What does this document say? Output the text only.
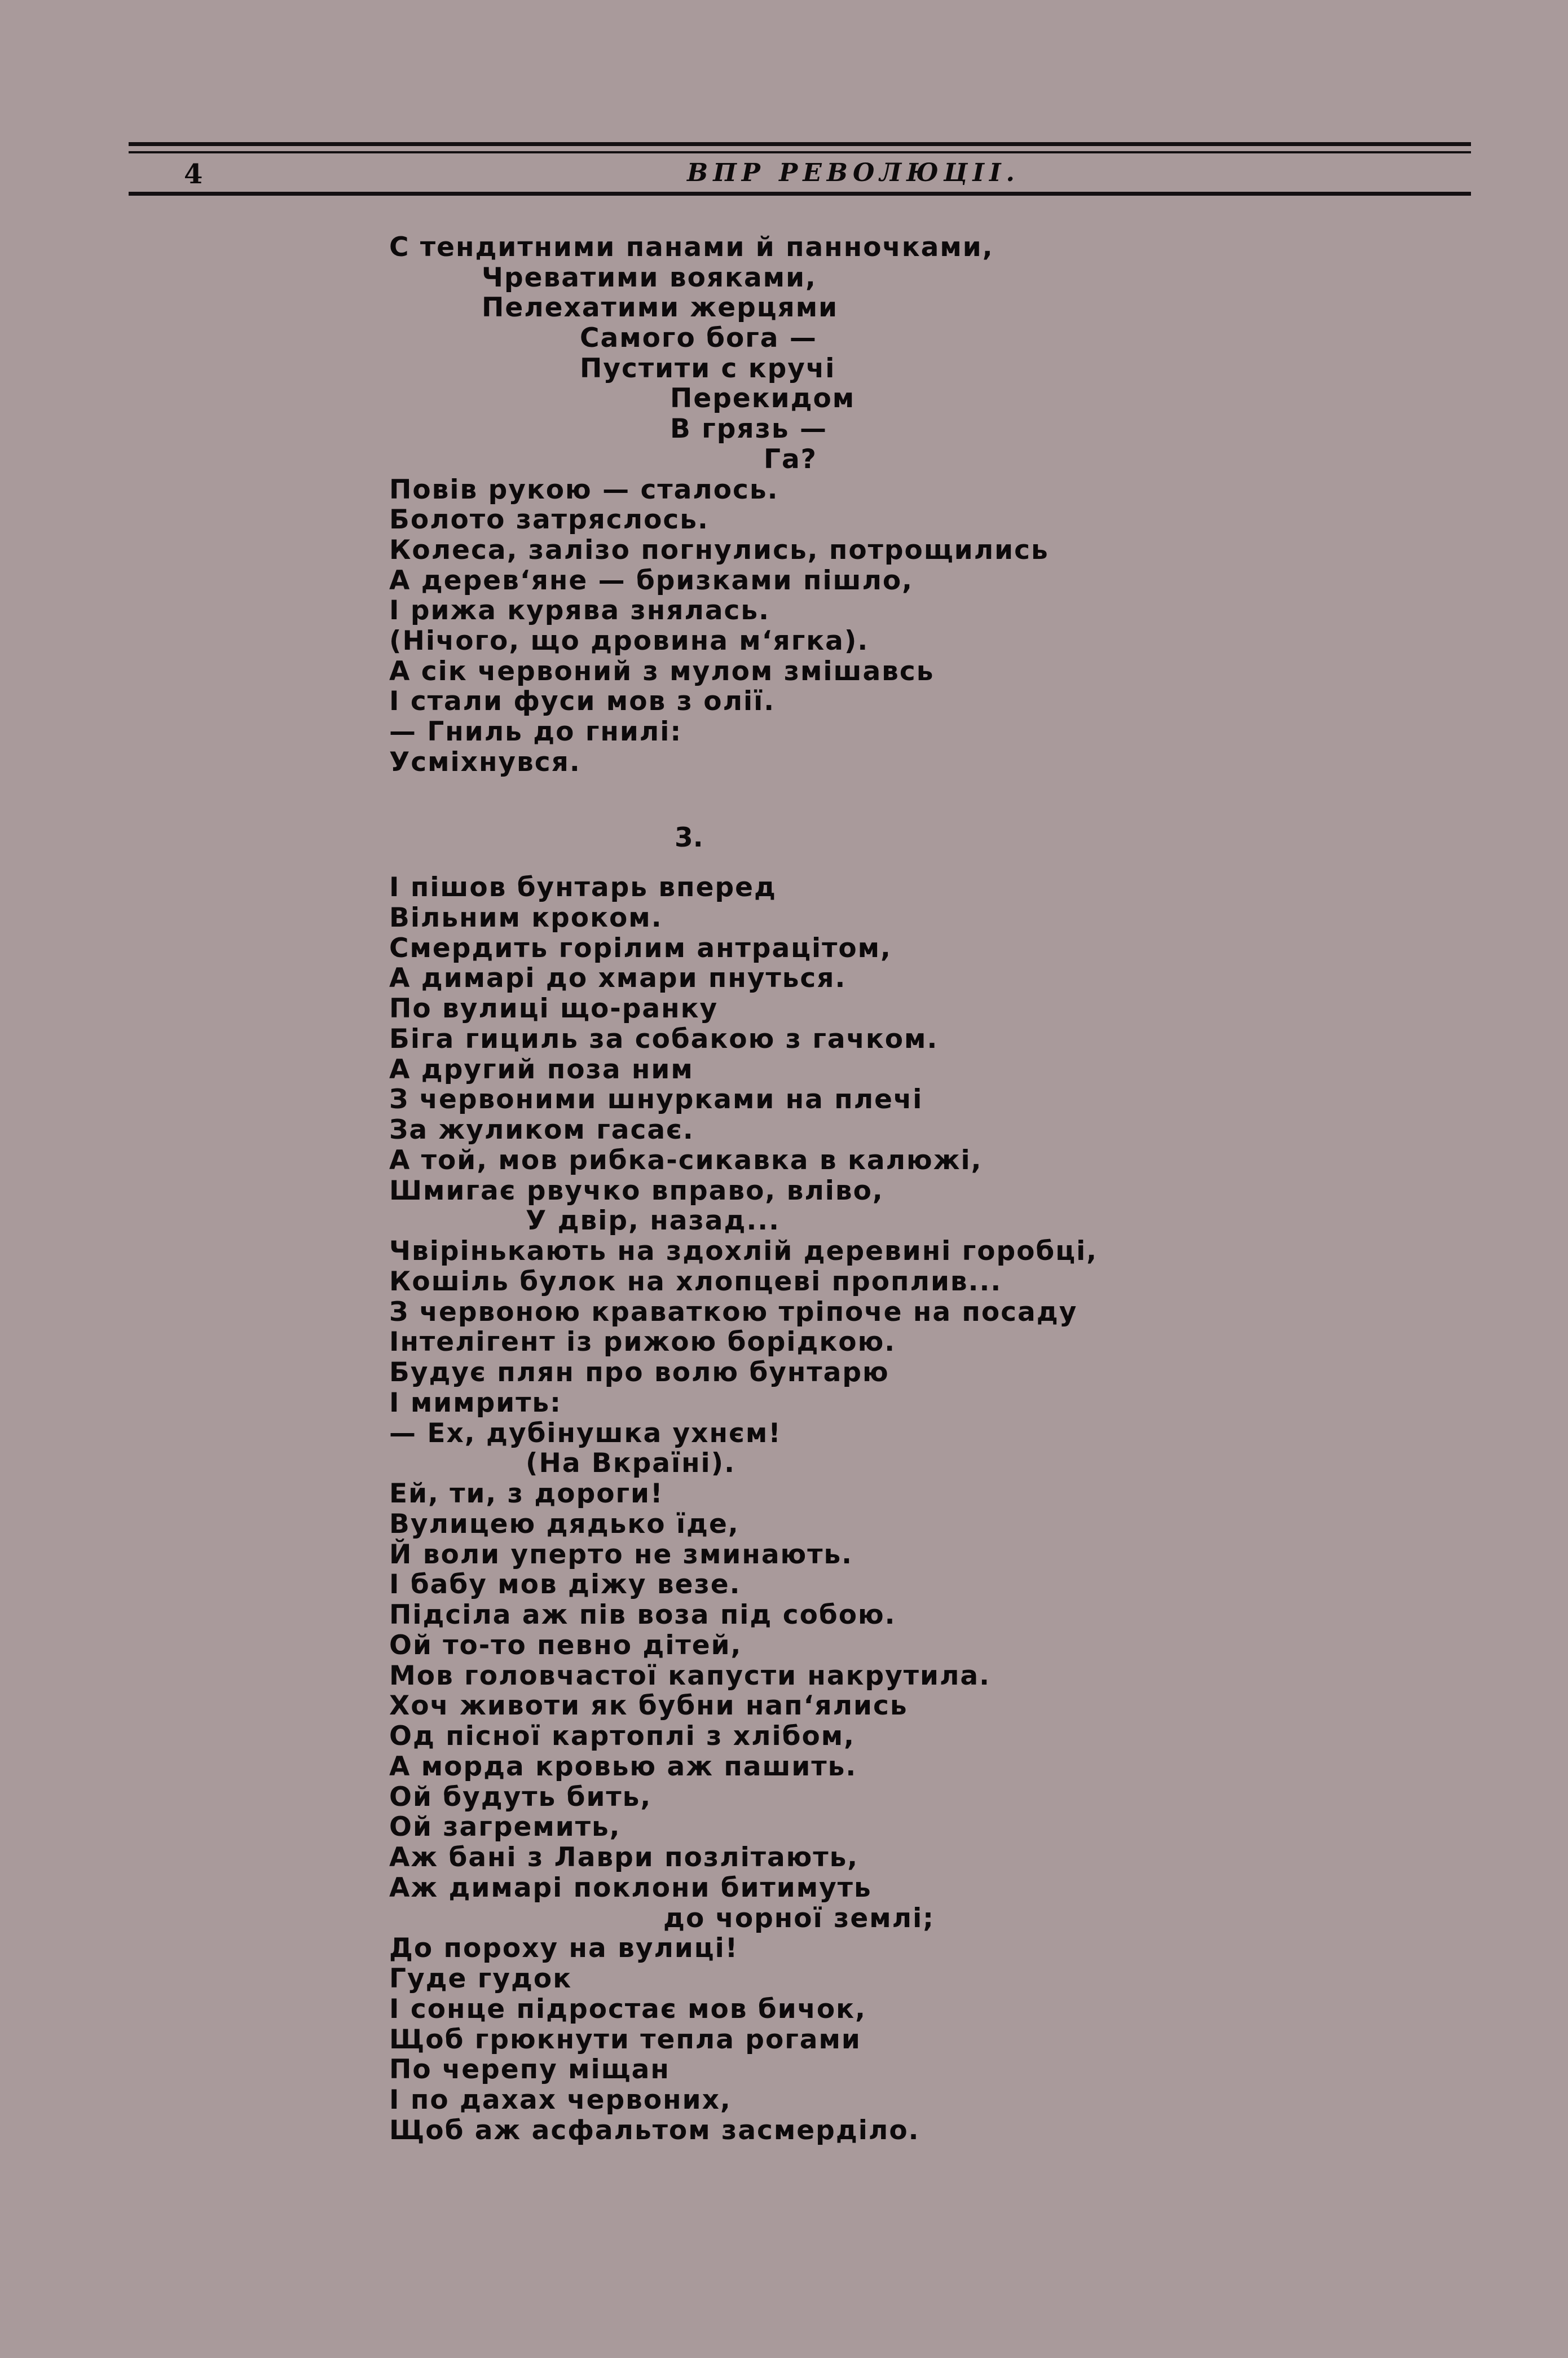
4	ВПР РЕВОЛЮЦІІ.
С тендитними панами й панночками,
Чреватими вояками,
Пелехатими жерцями
Самого бога —
Пустити с кручі
Перекидом
В грязь —
Га?
Повів рукою — сталось.
Болото затряслось.
Колеса, залізо погнулись, потрощились
А дерев‘яне — бризками пішло,
І рижа курява знялась.
(Нічого, що дровина м‘ягка).
А сік червоний з мулом змішавсь
І стали фуси мов з олії.
— Гниль до гнилі:
Усміхнувся.
3.
І пішов бунтарь вперед
Вільним кроком.
Смердить горілим антрацітом,
А димарі до хмари пнуться.
По вулиці що-ранку
Біга гициль за собакою з гачком.
А другий поза ним
З червоними шнурками на плечі
За жуликом гасає.
А той, мов рибка-сикавка в калюжі,
Шмигає рвучко вправо, вліво,
У двір, назад...
Чвірінькають на здохлій деревині горобці,
Кошіль булок на хлопцеві проплив...
З червоною краваткою тріпоче на посаду
Інтелігент із рижою борідкою.
Будує плян про волю бунтарю
І мимрить:
— Ех, дубінушка ухнєм!
(На Вкраїні).
Ей, ти, з дороги!
Вулицею дядько їде,
Й воли уперто не зминають.
І бабу мов діжу везе.
Підсіла аж пів воза під собою.
Ой то-то певно дітей,
Мов головчастої капусти накрутила.
Хоч животи як бубни нап‘ялись
Од пісної картоплі з хлібом,
А морда кровью аж пашить.
Ой будуть бить,
Ой загремить,
Аж бані з Лаври позлітають,
Аж димарі поклони битимуть
до чорної землі;
До пороху на вулиці!
Гуде гудок
І сонце підростає мов бичок,
Щоб грюкнути тепла рогами
По черепу міщан
І по дахах червоних,
Щоб аж асфальтом засмерділо.
